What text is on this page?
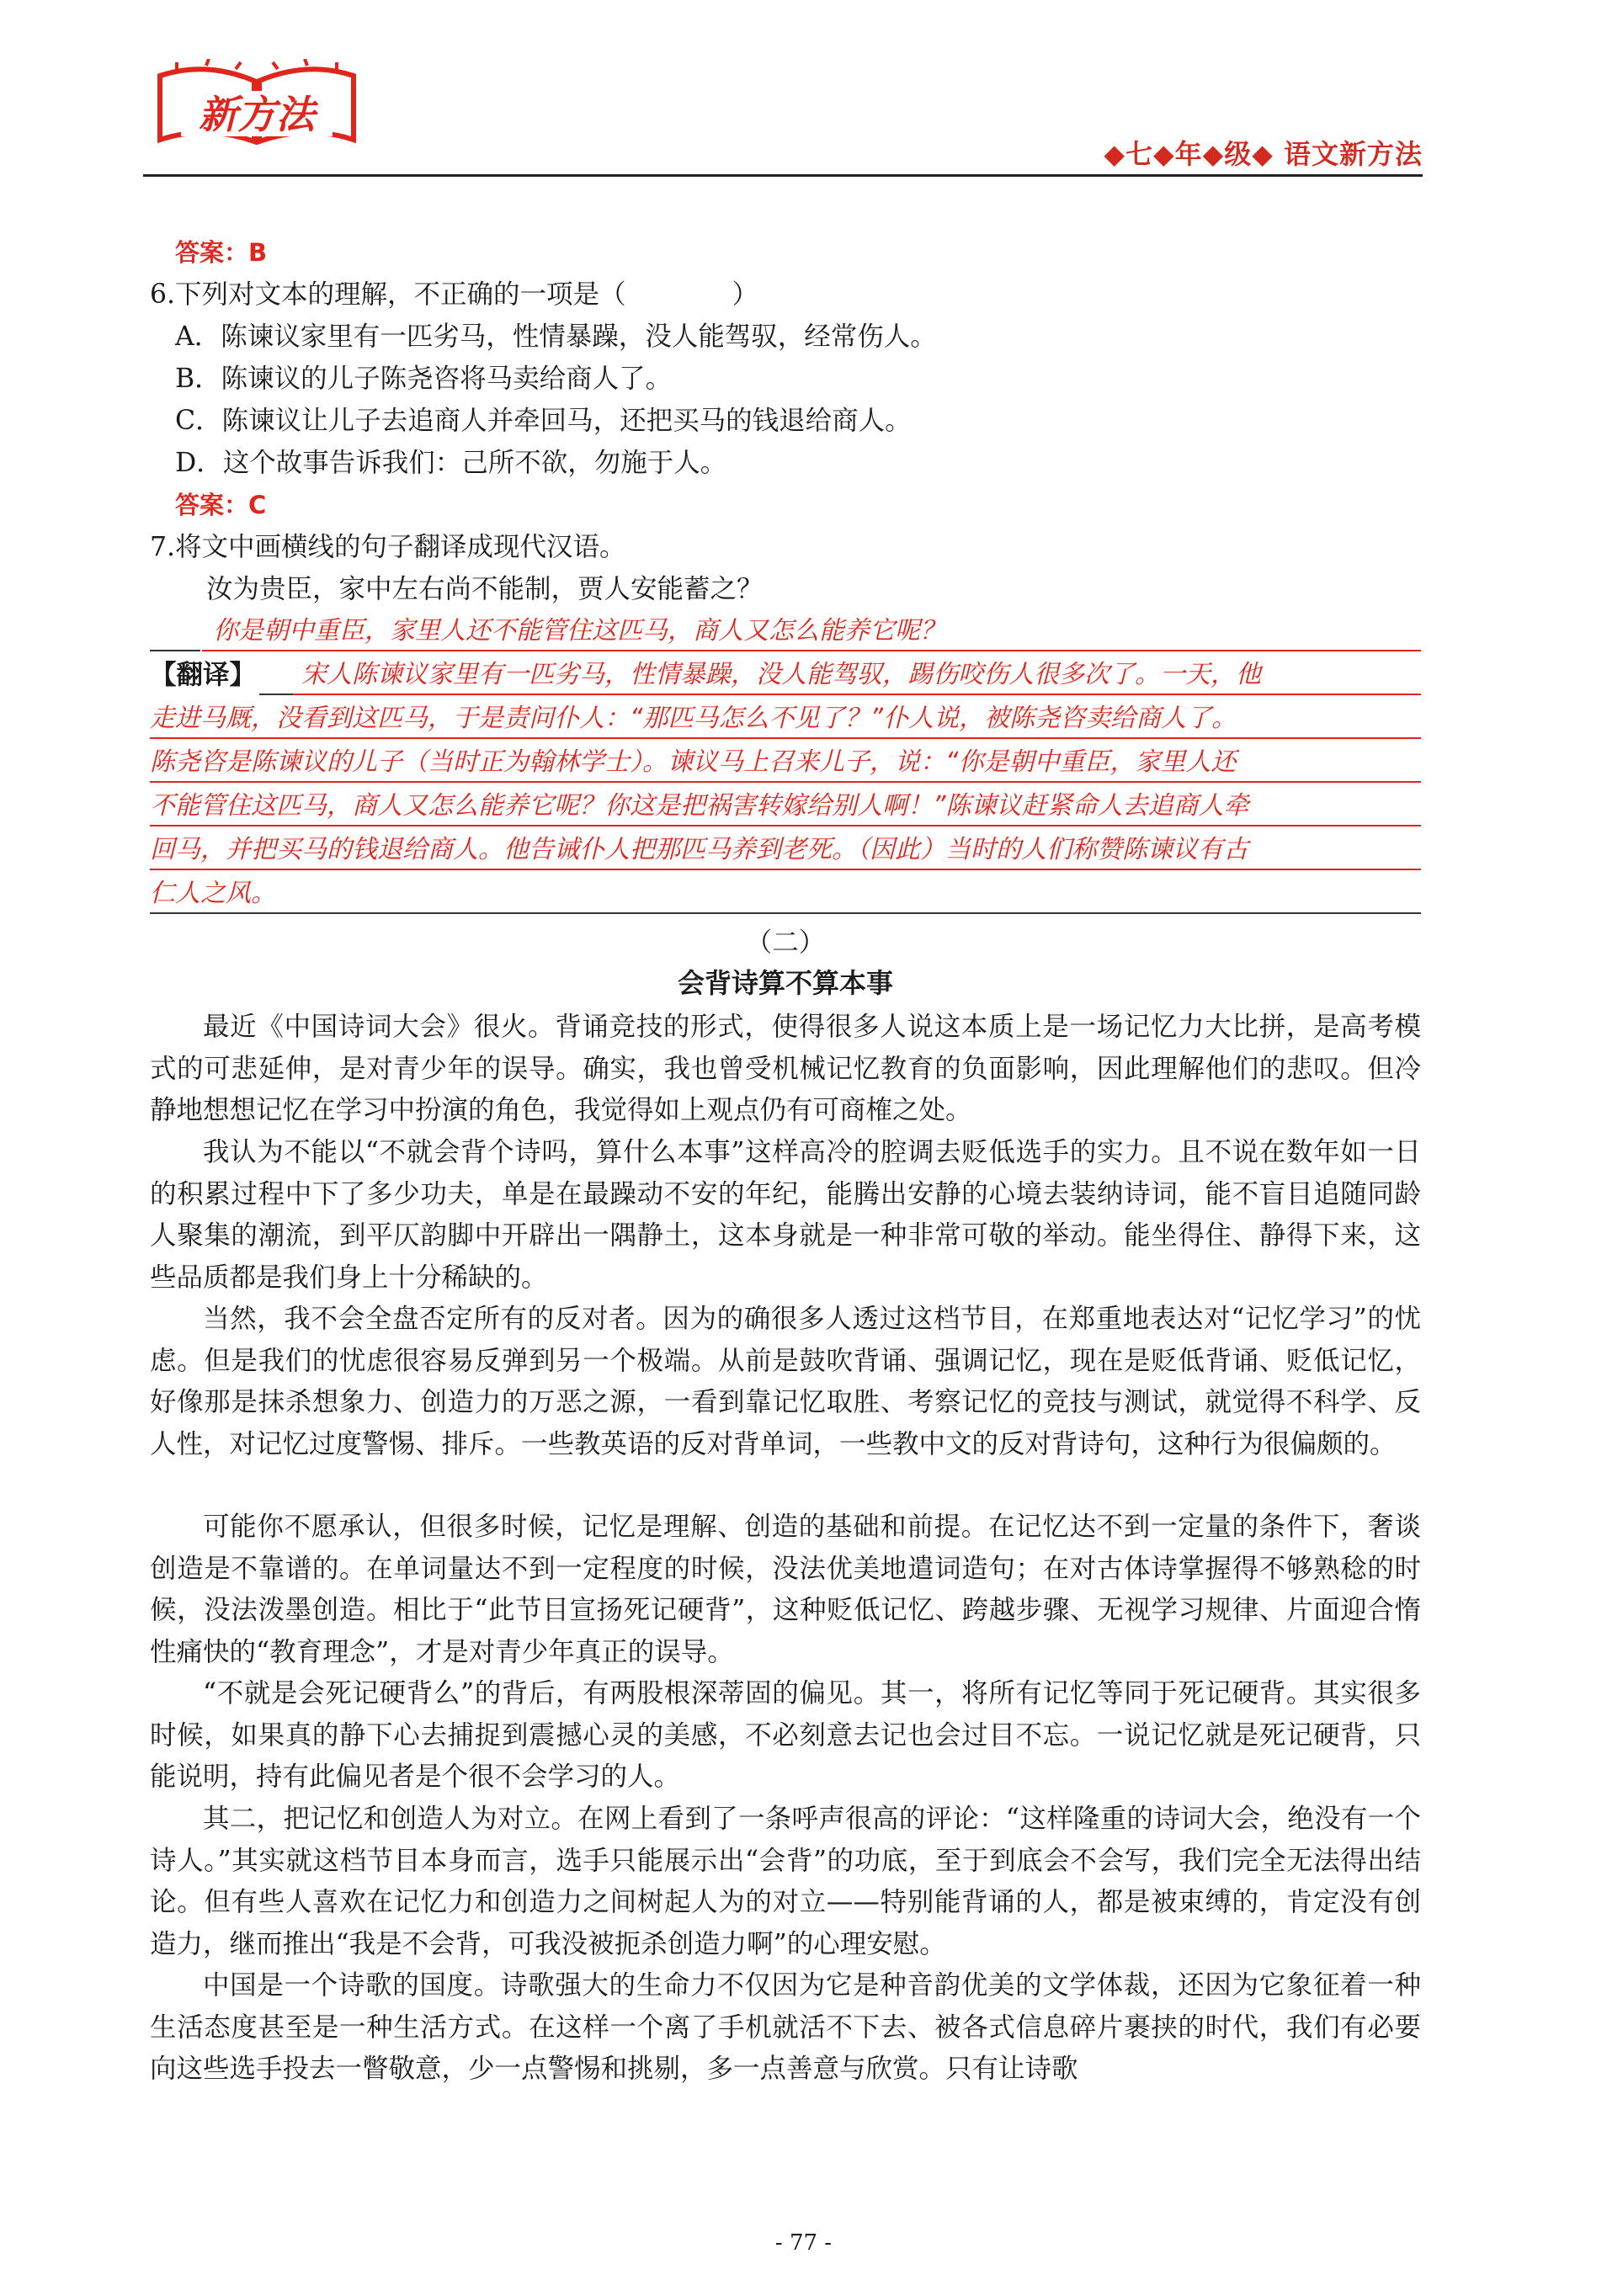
新方法
◆七◆年◆级◆ 语文新方法
答案：B
6.下列对文本的理解，不正确的一项是（　　　　）
A．陈谏议家里有一匹劣马，性情暴躁，没人能驾驭，经常伤人。
B．陈谏议的儿子陈尧咨将马卖给商人了。
C．陈谏议让儿子去追商人并牵回马，还把买马的钱退给商人。
D．这个故事告诉我们：己所不欲，勿施于人。
答案：C
7.将文中画横线的句子翻译成现代汉语。
汝为贵臣，家中左右尚不能制，贾人安能蓄之？
你是朝中重臣，家里人还不能管住这匹马，商人又怎么能养它呢？
【翻译】 宋人陈谏议家里有一匹劣马，性情暴躁，没人能驾驭，踢伤咬伤人很多次了。一天，他
走进马厩，没看到这匹马，于是责问仆人：“那匹马怎么不见了？”仆人说，被陈尧咨卖给商人了。
陈尧咨是陈谏议的儿子（当时正为翰林学士）。谏议马上召来儿子，说：“你是朝中重臣，家里人还
不能管住这匹马，商人又怎么能养它呢？你这是把祸害转嫁给别人啊！”陈谏议赶紧命人去追商人牵
回马，并把买马的钱退给商人。他告诫仆人把那匹马养到老死。（因此）当时的人们称赞陈谏议有古
仁人之风。
（二）
会背诗算不算本事
最近《中国诗词大会》很火。背诵竞技的形式，使得很多人说这本质上是一场记忆力大比拼，是高考模式的可悲延伸，是对青少年的误导。确实，我也曾受机械记忆教育的负面影响，因此理解他们的悲叹。但冷静地想想记忆在学习中扮演的角色，我觉得如上观点仍有可商榷之处。
我认为不能以“不就会背个诗吗，算什么本事”这样高冷的腔调去贬低选手的实力。且不说在数年如一日的积累过程中下了多少功夫，单是在最躁动不安的年纪，能腾出安静的心境去装纳诗词，能不盲目追随同龄人聚集的潮流，到平仄韵脚中开辟出一隅静土，这本身就是一种非常可敬的举动。能坐得住、静得下来，这些品质都是我们身上十分稀缺的。
当然，我不会全盘否定所有的反对者。因为的确很多人透过这档节目，在郑重地表达对“记忆学习”的忧虑。但是我们的忧虑很容易反弹到另一个极端。从前是鼓吹背诵、强调记忆，现在是贬低背诵、贬低记忆，好像那是抹杀想象力、创造力的万恶之源，一看到靠记忆取胜、考察记忆的竞技与测试，就觉得不科学、反人性，对记忆过度警惕、排斥。一些教英语的反对背单词，一些教中文的反对背诗句，这种行为很偏颇的。
可能你不愿承认，但很多时候，记忆是理解、创造的基础和前提。在记忆达不到一定量的条件下，奢谈创造是不靠谱的。在单词量达不到一定程度的时候，没法优美地遣词造句；在对古体诗掌握得不够熟稔的时候，没法泼墨创造。相比于“此节目宣扬死记硬背”，这种贬低记忆、跨越步骤、无视学习规律、片面迎合惰性痛快的“教育理念”，才是对青少年真正的误导。
“不就是会死记硬背么”的背后，有两股根深蒂固的偏见。其一，将所有记忆等同于死记硬背。其实很多时候，如果真的静下心去捕捉到震撼心灵的美感，不必刻意去记也会过目不忘。一说记忆就是死记硬背，只能说明，持有此偏见者是个很不会学习的人。
其二，把记忆和创造人为对立。在网上看到了一条呼声很高的评论：“这样隆重的诗词大会，绝没有一个诗人。”其实就这档节目本身而言，选手只能展示出“会背”的功底，至于到底会不会写，我们完全无法得出结论。但有些人喜欢在记忆力和创造力之间树起人为的对立——特别能背诵的人，都是被束缚的，肯定没有创造力，继而推出“我是不会背，可我没被扼杀创造力啊”的心理安慰。
中国是一个诗歌的国度。诗歌强大的生命力不仅因为它是种音韵优美的文学体裁，还因为它象征着一种生活态度甚至是一种生活方式。在这样一个离了手机就活不下去、被各式信息碎片裹挟的时代，我们有必要向这些选手投去一瞥敬意，少一点警惕和挑剔，多一点善意与欣赏。只有让诗歌
- 77 -
